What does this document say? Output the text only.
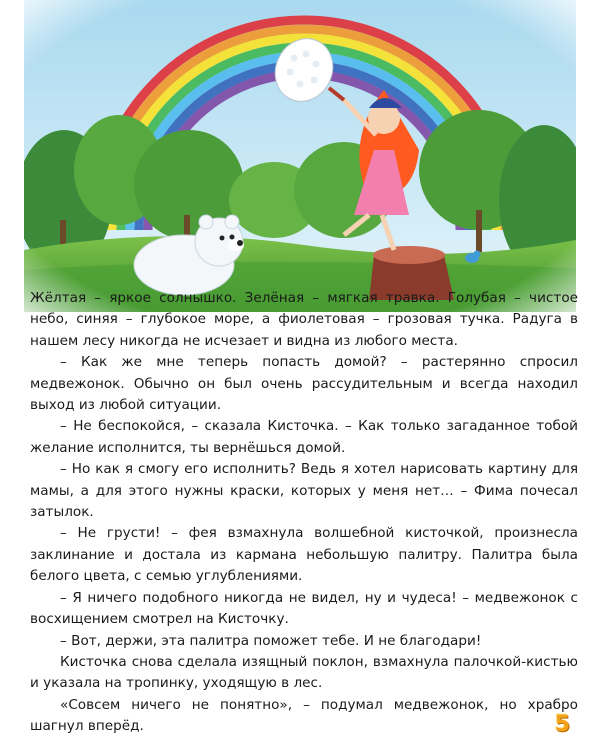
Жёлтая – яркое солнышко. Зелёная – мягкая травка. Голубая – чистое небо, синяя – глубокое море, а фиолетовая – грозовая тучка. Радуга в нашем лесу никогда не исчезает и видна из любого места.

– Как же мне теперь попасть домой? – растерянно спросил медвежонок. Обычно он был очень рассудительным и всегда находил выход из любой ситуации.

– Не беспокойся, – сказала Кисточка. – Как только загаданное тобой желание исполнится, ты вернёшься домой.

– Но как я смогу его исполнить? Ведь я хотел нарисовать картину для мамы, а для этого нужны краски, которых у меня нет… – Фима почесал затылок.

– Не грусти! – фея взмахнула волшебной кисточкой, произнесла заклинание и достала из кармана небольшую палитру. Палитра была белого цвета, с семью углублениями.

– Я ничего подобного никогда не видел, ну и чудеса! – медвежонок с восхищением смотрел на Кисточку.

– Вот, держи, эта палитра поможет тебе. И не благодари!

Кисточка снова сделала изящный поклон, взмахнула палочкой-кистью и указала на тропинку, уходящую в лес.

«Совсем ничего не понятно», – подумал медвежонок, но храбро шагнул вперёд.	5
